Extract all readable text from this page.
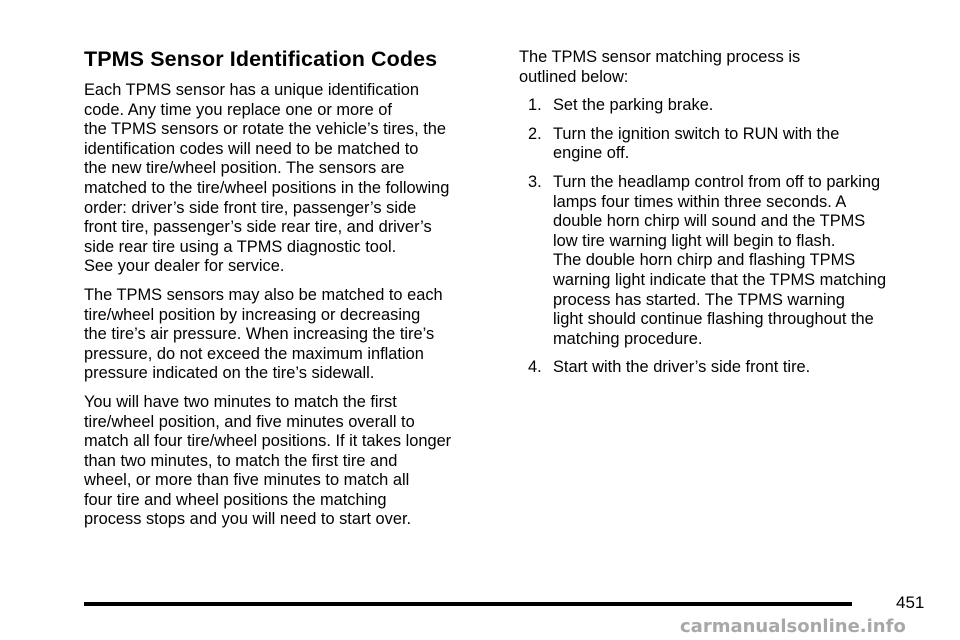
TPMS Sensor Identification Codes

Each TPMS sensor has a unique identification
code. Any time you replace one or more of
the TPMS sensors or rotate the vehicle’s tires, the
identification codes will need to be matched to
the new tire/wheel position. The sensors are
matched to the tire/wheel positions in the following
order: driver’s side front tire, passenger’s side
front tire, passenger’s side rear tire, and driver’s
side rear tire using a TPMS diagnostic tool.
See your dealer for service.

The TPMS sensors may also be matched to each
tire/wheel position by increasing or decreasing
the tire’s air pressure. When increasing the tire’s
pressure, do not exceed the maximum inflation
pressure indicated on the tire’s sidewall.

You will have two minutes to match the first
tire/wheel position, and five minutes overall to
match all four tire/wheel positions. If it takes longer
than two minutes, to match the first tire and
wheel, or more than five minutes to match all
four tire and wheel positions the matching
process stops and you will need to start over.

The TPMS sensor matching process is
outlined below:

1. Set the parking brake.
2. Turn the ignition switch to RUN with the
engine off.
3. Turn the headlamp control from off to parking
lamps four times within three seconds. A
double horn chirp will sound and the TPMS
low tire warning light will begin to flash.
The double horn chirp and flashing TPMS
warning light indicate that the TPMS matching
process has started. The TPMS warning
light should continue flashing throughout the
matching procedure.
4. Start with the driver’s side front tire.
451
carmanualsonline.info
